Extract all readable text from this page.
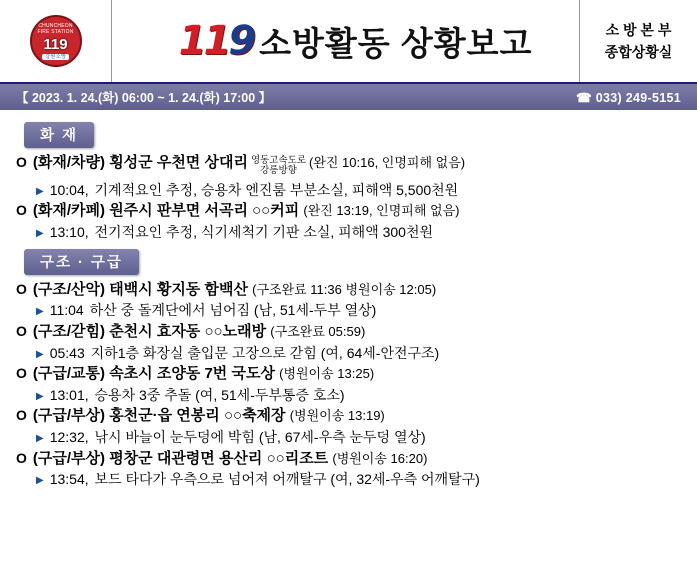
CHUNCHEON FIRE STATION
119
강원소방	119 소방활동 상황보고	소 방 본 부
종합상황실
【 2023. 1. 24.(화) 06:00 ~ 1. 24.(화) 17:00 】	☎ 033) 249-5151
화 재
O (화재/차량)
횡성군 우천면 상대리 영동고속도로
강릉방향
(완진 10:16, 인명피해 없음)
▶ 10:04,
기계적요인 추정, 승용차 엔진룸 부분소실, 피해액 5,500천원
O (화재/카페)
원주시 판부면 서곡리 ○○커피
(완진 13:19, 인명피해 없음)
▶ 13:10,
전기적요인 추정, 식기세척기 기판 소실, 피해액 300천원
구조 · 구급
O (구조/산악)
태백시 황지동 함백산
(구조완료 11:36 병원이송 12:05)
▶ 11:04
하산 중 돌계단에서 넘어짐 (남, 51세-두부 열상)
O (구조/갇힘)
춘천시 효자동 ○○노래방
(구조완료 05:59)
▶ 05:43
지하1층 화장실 출입문 고장으로 갇힘 (여, 64세-안전구조)
O (구급/교통)
속초시 조양동 7번 국도상
(병원이송 13:25)
▶ 13:01,
승용차 3중 추돌 (여, 51세-두부통증 호소)
O (구급/부상)
홍천군·읍 연봉리 ○○축제장
(병원이송 13:19)
▶ 12:32,
낚시 바늘이 눈두덩에 박힘 (남, 67세-우측 눈두덩 열상)
O (구급/부상)
평창군 대관령면 용산리 ○○리조트
(병원이송 16:20)
▶ 13:54,
보드 타다가 우측으로 넘어져 어깨탈구 (여, 32세-우측 어깨탈구)
